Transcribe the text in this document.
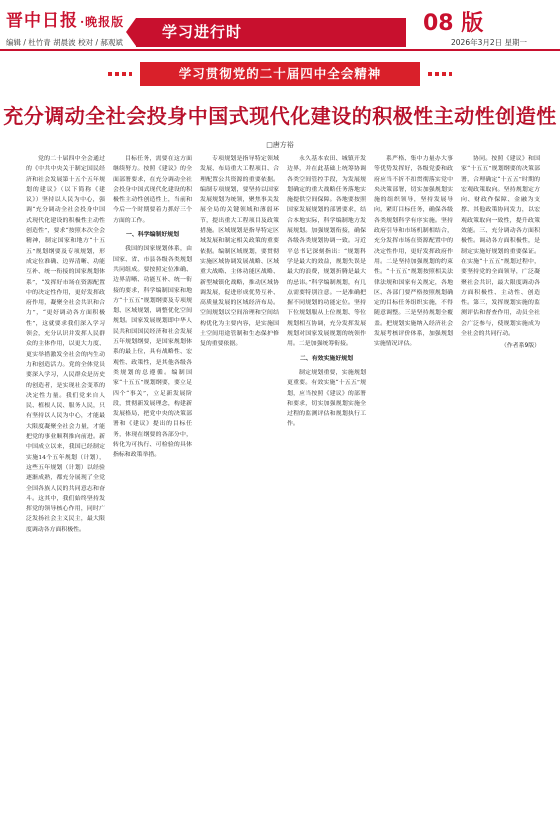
晋中日报 ·晚报版
编辑 / 杜竹青 胡晨波 校对 / 郝观斌
学习进行时	08 版
2026年3月2日 星期一
学习贯彻党的二十届四中全会精神
充分调动全社会投身中国式现代化建设的积极性主动性创造性
□唐方裕

党的二十届四中全会通过的《中共中央关于制定国民经济和社会发展第十五个五年规划的建议》（以下简称《建议》）坚持以人民为中心，强调“充分调动全社会投身中国式现代化建设的积极性主动性创造性”，要求“按照本次全会精神，制定国家和地方“十五五”规划纲要及专项规划，形成定位准确、边界清晰、功能互补、统一衔接的国家规划体系”，“发挥好市场在资源配置中的决定性作用，更好发挥政府作用，凝聚全社会共识和合力”，“更好调动各方面积极性”，这就要求我们深入学习领会，充分认识并发挥人民群众的主体作用，以更大力度、更实举措激发全社会的内生动力和创造活力。党的全体党员要深入学习，人民群众是历史的创造者，是实现社会变革的决定性力量。我们党来自人民、植根人民、服务人民，只有坚持以人民为中心，才能最大限度凝聚全社会力量，才能把党的事业顺利推向前进。新中国成立以来，我国已经制定实施14个五年规划（计划），这些五年规划（计划）以经验逐渐成熟，都充分展现了全党全国各族人民的共同意志和奋斗。这其中，我们始终坚持发挥党的领导核心作用，同时广泛发扬社会主义民主，最大限度调动各方面积极性。

目标任务，需要在这方面继续努力。按照《建议》的全面部署要求，在充分调动全社会投身中国式现代化建设的积极性主动性创造性上，当前和今后一个时期要着力抓好三个方面的工作。

一、科学编制好规划

我国的国家规划体系，由国家、省、市县各级各类规划共同组成。要按照定位准确、边界清晰、功能互补、统一衔接的要求，科学编制国家和地方“十五五”规划纲要及专项规划、区域规划，调整优化空间规划。国家发展规划即中华人民共和国国民经济和社会发展五年规划纲要，是国家规划体系的最上位，具有战略性、宏观性、政策性，是其他各级各类规划的总遵循。编制国家“十五五”规划纲要，要立足四个“事关”，立足新发展阶段，贯彻新发展理念，构建新发展格局，把党中央的决策部署和《建议》提出的目标任务，体现在纲要的各部分中，转化为可执行、可检验的具体指标和政策举措。

专项规划是指导特定领域发展、布局重大工程项目、合理配置公共资源的重要依据。编制专项规划，要坚持以国家发展规划为统领，聚焦事关发展全局的关键领域和薄弱环节，提出重大工程项目及政策措施。区域规划是指导特定区域发展和制定相关政策的重要依据。编制区域规划，要贯彻实施区域协调发展战略、区域重大战略、主体功能区战略、新型城镇化战略，推动区域协调发展，促进形成优势互补、高质量发展的区域经济布局。空间规划以空间治理和空间结构优化为主要内容，是实施国土空间用途管制和生态保护修复的重要依据。

永久基本农田、城镇开发边界，并在此基础上统筹协调各类空间管控手段，为发展规划确定的重大战略任务落地实施提供空间保障。各地要按照国家发展规划的部署要求，结合本地实际，科学编制地方发展规划。加强规划衔接，确保各级各类规划协调一致。习近平总书记深刻指出：“规划科学是最大的效益，规划失误是最大的浪费，规划折腾是最大的忌讳。”科学编制规划，有几点需要特别注意。一是准确把握不同规划的功能定位。坚持下位规划服从上位规划、等位规划相互协调，充分发挥发展规划对国家发展规划的统领作用。二是加强统筹衔接。

二、有效实施好规划

制定规划重要，实施规划更重要。有效实施“十五五”规划，应当按照《建议》的部署和要求，切实加强规划实施全过程的监测评估和规划执行工作。

系严格、集中力量办大事等优势发挥好，各级党委和政府应当不折不扣贯彻落实党中央决策部署，切实加强规划实施的组织领导，坚持发展导向，紧盯目标任务，确保各级各类规划科学有序实施。坚持政府引导和市场机制相结合，充分发挥市场在资源配置中的决定性作用，更好发挥政府作用。二是坚持加强规划的约束性。“十五五”规划按照相关法律法规和国家有关规定，各地区、各部门要严格按照规划确定的目标任务组织实施，不得随意调整。三是坚持规划全覆盖。把规划实施纳入经济社会发展考核评价体系，加强规划实施情况评估。

协同。按照《建议》和国家“十五五”规划纲要的决策部署，合理确定“十五五”时期的宏观政策取向。坚持规划定方向、财政作保障、金融为支撑、其他政策协同发力，以宏观政策取向一致性，提升政策效能。三、充分调动各方面积极性。调动各方面积极性，是制定实施好规划的重要保证。在实施“十五五”规划过程中，要坚持党的全面领导，广泛凝聚社会共识，最大限度调动各方面积极性、主动性、创造性。第三，发挥规划实施的监测评估和督查作用，动员全社会广泛参与，使规划实施成为全社会的共同行动。

（作者系9版）
